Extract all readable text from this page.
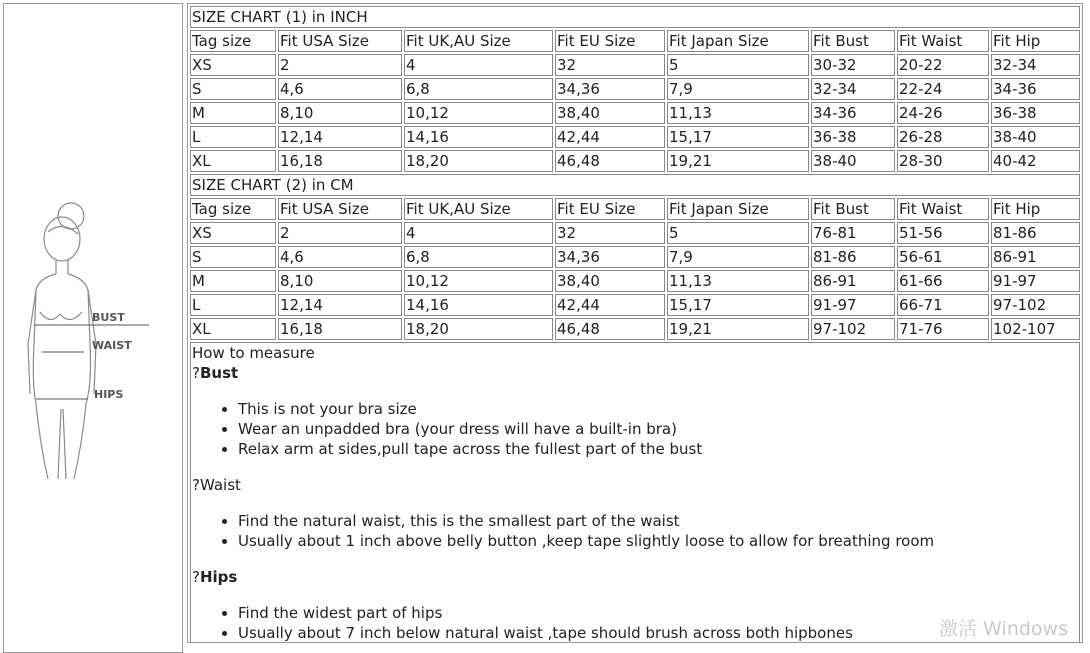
BUST
WAIST
HIPS
SIZE CHART (1) in INCH							
Tag size	Fit USA Size	Fit UK,AU Size	Fit EU Size	Fit Japan Size	Fit Bust	Fit Waist	Fit Hip
XS	2	4	32	5	30-32	20-22	32-34
S	4,6	6,8	34,36	7,9	32-34	22-24	34-36
M	8,10	10,12	38,40	11,13	34-36	24-26	36-38
L	12,14	14,16	42,44	15,17	36-38	26-28	38-40
XL	16,18	18,20	46,48	19,21	38-40	28-30	40-42
SIZE CHART (2) in CM							
Tag size	Fit USA Size	Fit UK,AU Size	Fit EU Size	Fit Japan Size	Fit Bust	Fit Waist	Fit Hip
XS	2	4	32	5	76-81	51-56	81-86
S	4,6	6,8	34,36	7,9	81-86	56-61	86-91
M	8,10	10,12	38,40	11,13	86-91	61-66	91-97
L	12,14	14,16	42,44	15,17	91-97	66-71	97-102
XL	16,18	18,20	46,48	19,21	97-102	71-76	102-107
How to measure
?Bust
• This is not your bra size
• Wear an unpadded bra (your dress will have a built-in bra)
• Relax arm at sides,pull tape across the fullest part of the bust
?Waist
• Find the natural waist, this is the smallest part of the waist
• Usually about 1 inch above belly button ,keep tape slightly loose to allow for breathing room
?Hips
• Find the widest part of hips
• Usually about 7 inch below natural waist ,tape should brush across both hipbones	激活 Windows
